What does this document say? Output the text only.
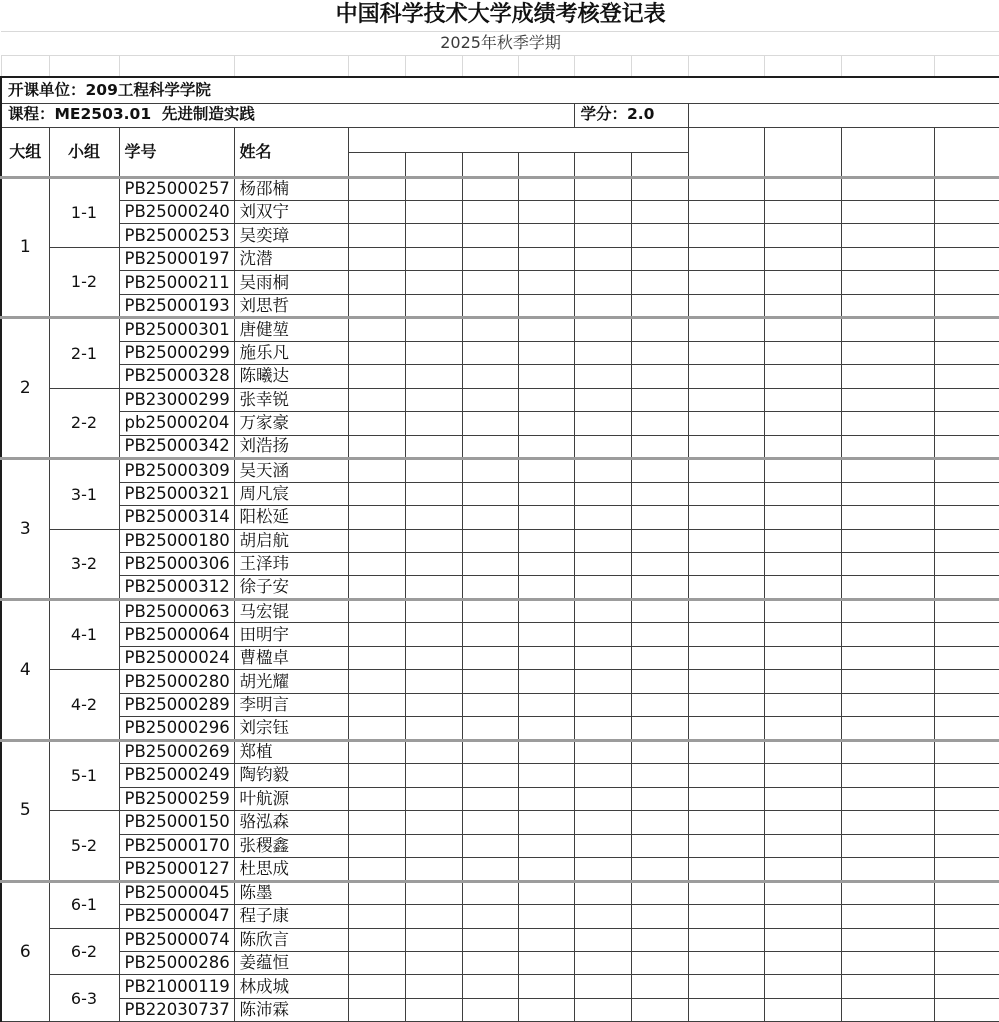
中国科学技术大学成绩考核登记表													
2025年秋季学期													

开课单位：209工程科学学院													
课程：ME2503.01  先进制造实践								学分：2.0					
大组	小组	学号	姓名										

1	1-1	PB25000257	杨邵楠										
		PB25000240	刘双宁										
		PB25000253	吴奕璋										
	1-2	PB25000197	沈潜										
		PB25000211	吴雨桐										
		PB25000193	刘思哲										
2	2-1	PB25000301	唐健堃										
		PB25000299	施乐凡										
		PB25000328	陈曦达										
	2-2	PB23000299	张幸锐										
		pb25000204	万家豪										
		PB25000342	刘浩扬										
3	3-1	PB25000309	吴天涵										
		PB25000321	周凡宸										
		PB25000314	阳松延										
	3-2	PB25000180	胡启航										
		PB25000306	王泽玮										
		PB25000312	徐子安										
4	4-1	PB25000063	马宏锟										
		PB25000064	田明宇										
		PB25000024	曹楹卓										
	4-2	PB25000280	胡光耀										
		PB25000289	李明言										
		PB25000296	刘宗钰										
5	5-1	PB25000269	郑植										
		PB25000249	陶钧毅										
		PB25000259	叶航源										
	5-2	PB25000150	骆泓森										
		PB25000170	张稷鑫										
		PB25000127	杜思成										
6	6-1	PB25000045	陈墨										
		PB25000047	程子康										
	6-2	PB25000074	陈欣言										
		PB25000286	姜蕴恒										
	6-3	PB21000119	林成城										
		PB22030737	陈沛霖										
